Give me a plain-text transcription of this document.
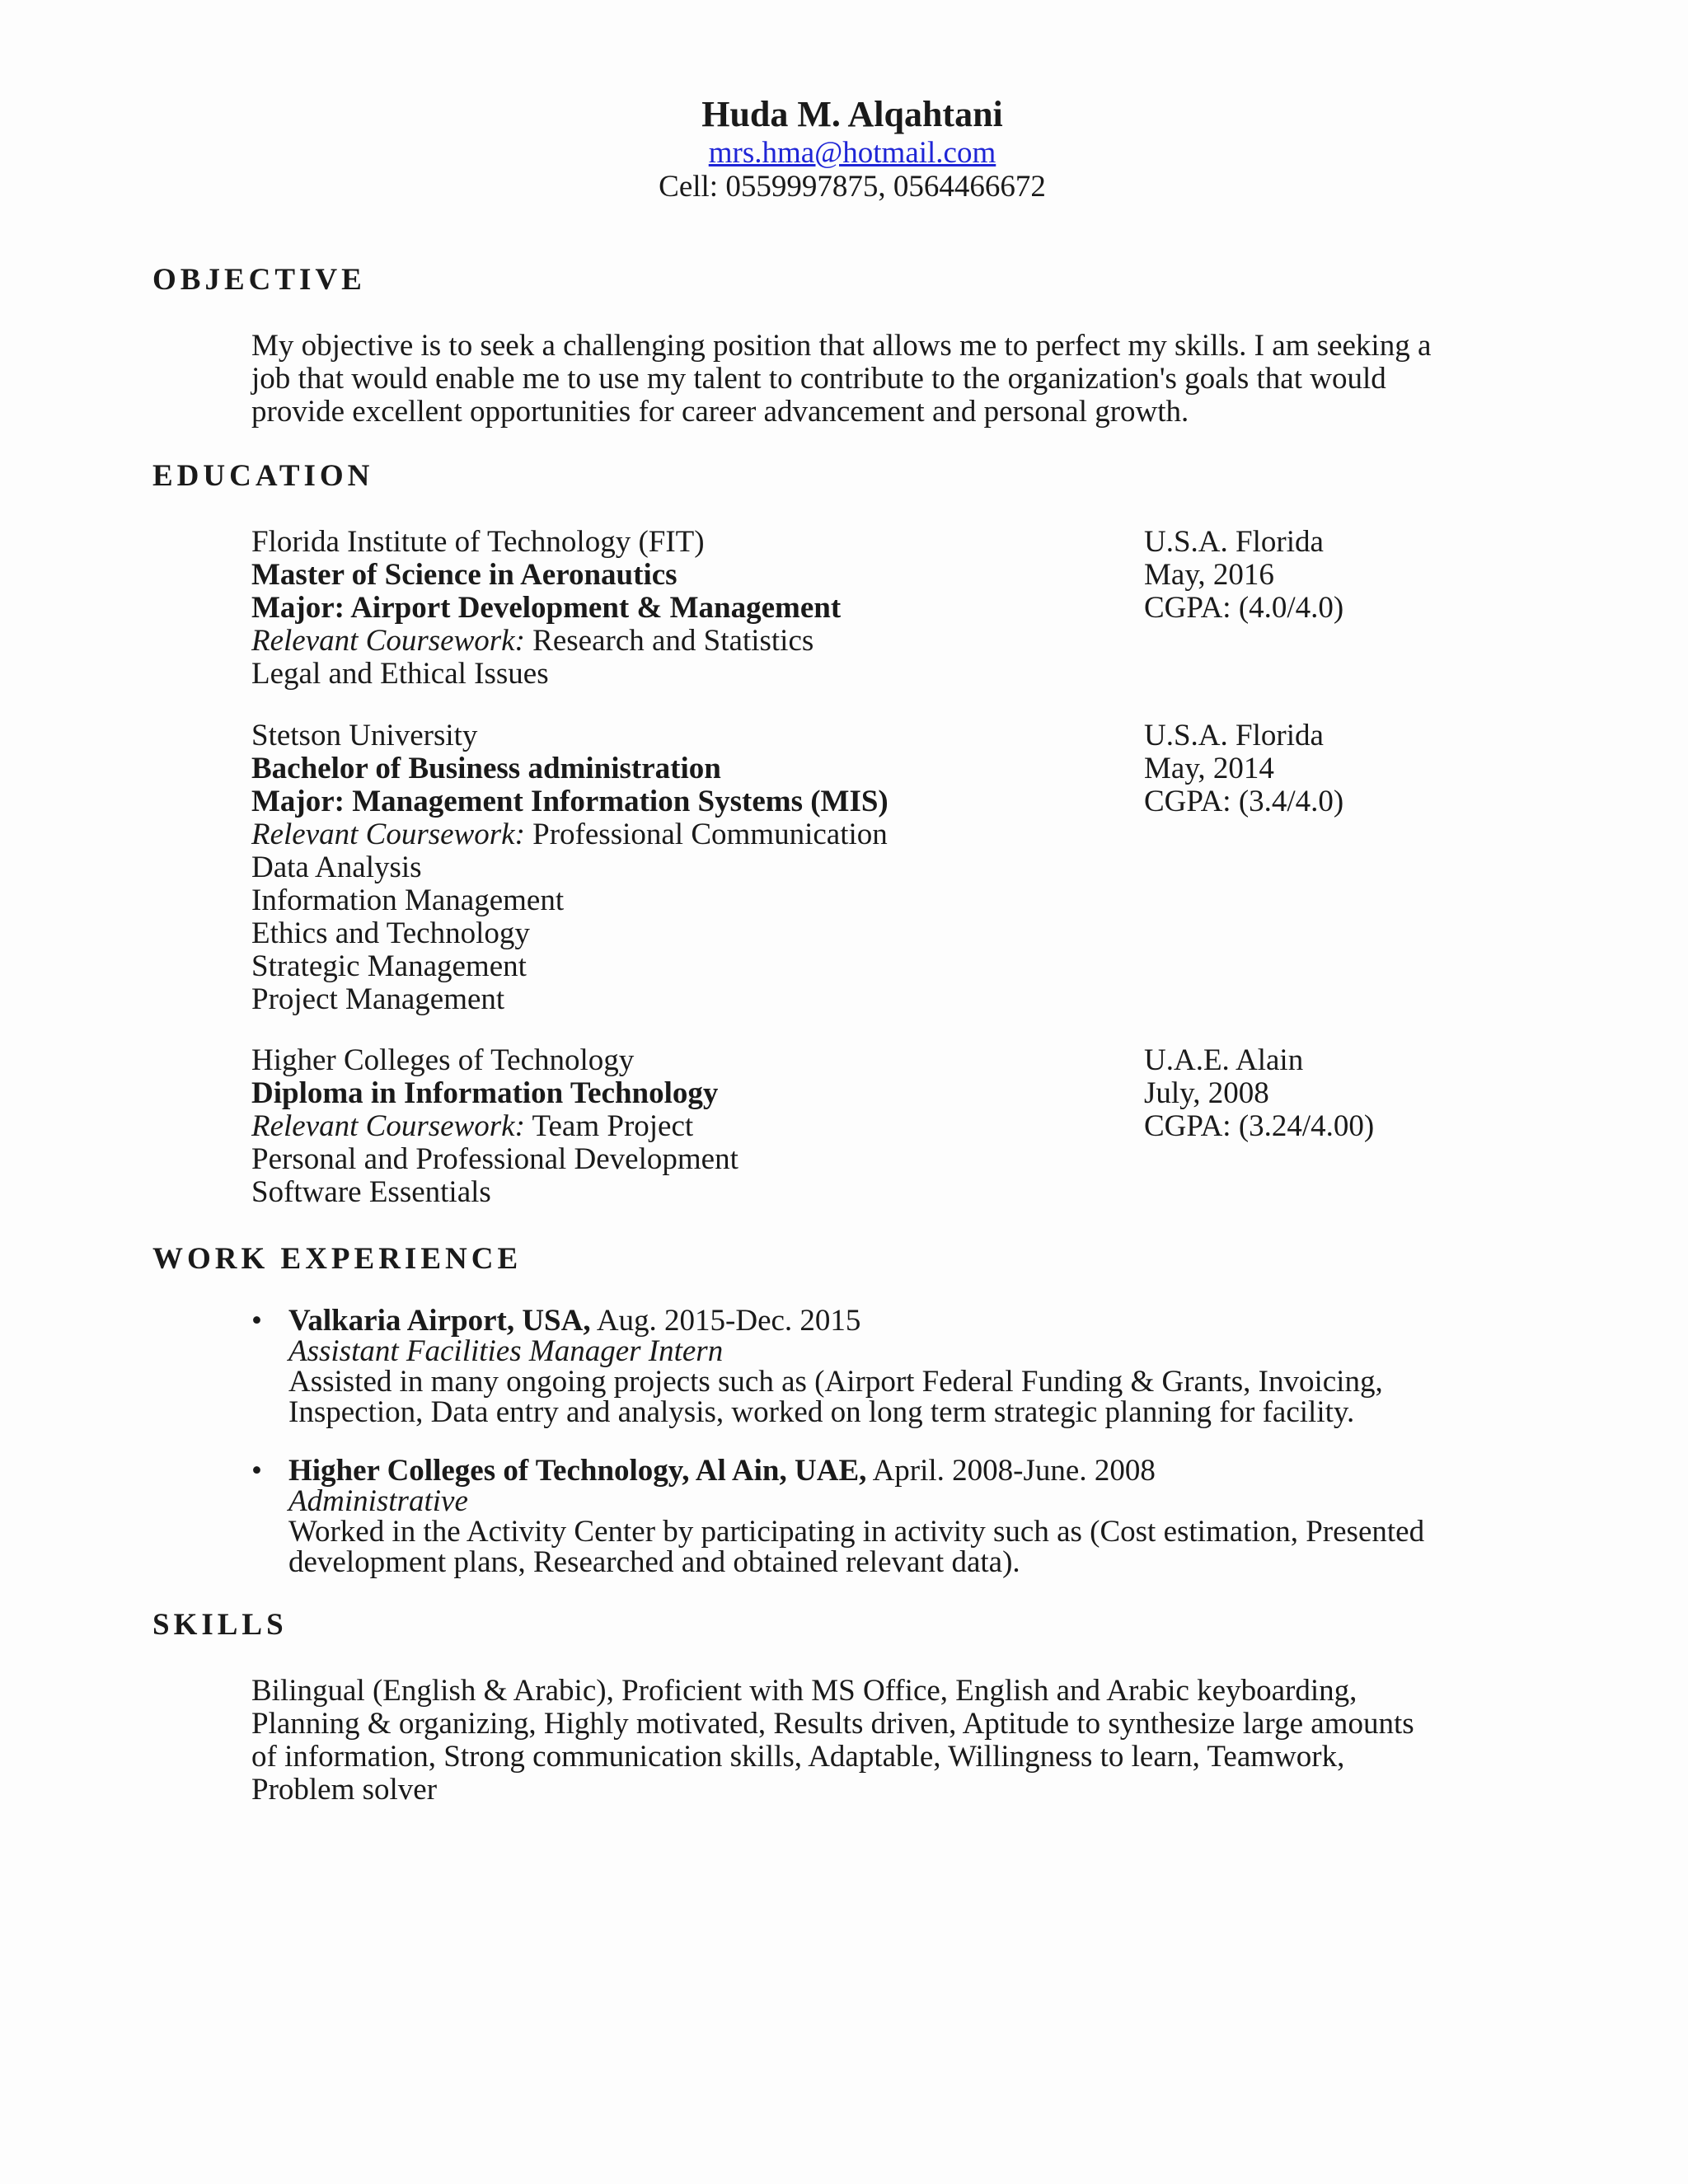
Huda M. Alqahtani
mrs.hma@hotmail.com
Cell: 0559997875, 0564466672
OBJECTIVE
My objective is to seek a challenging position that allows me to perfect my skills. I am seeking a
job that would enable me to use my talent to contribute to the organization's goals that would
provide excellent opportunities for career advancement and personal growth.
EDUCATION
Florida Institute of Technology (FIT)
Master of Science in Aeronautics
Major: Airport Development & Management
Relevant Coursework: Research and Statistics
Legal and Ethical Issues
U.S.A. Florida
May, 2016
CGPA: (4.0/4.0)
Stetson University
Bachelor of Business administration
Major: Management Information Systems (MIS)
Relevant Coursework: Professional Communication
Data Analysis
Information Management
Ethics and Technology
Strategic Management
Project Management
U.S.A. Florida
May, 2014
CGPA: (3.4/4.0)
Higher Colleges of Technology
Diploma in Information Technology
Relevant Coursework: Team Project
Personal and Professional Development
Software Essentials
U.A.E. Alain
July, 2008
CGPA: (3.24/4.00)
WORK EXPERIENCE
• Valkaria Airport, USA, Aug. 2015-Dec. 2015
Assistant Facilities Manager Intern
Assisted in many ongoing projects such as (Airport Federal Funding & Grants, Invoicing,
Inspection, Data entry and analysis, worked on long term strategic planning for facility.
• Higher Colleges of Technology, Al Ain, UAE, April. 2008-June. 2008
Administrative
Worked in the Activity Center by participating in activity such as (Cost estimation, Presented
development plans, Researched and obtained relevant data).
SKILLS
Bilingual (English & Arabic), Proficient with MS Office, English and Arabic keyboarding,
Planning & organizing, Highly motivated, Results driven, Aptitude to synthesize large amounts
of information, Strong communication skills, Adaptable, Willingness to learn, Teamwork,
Problem solver
